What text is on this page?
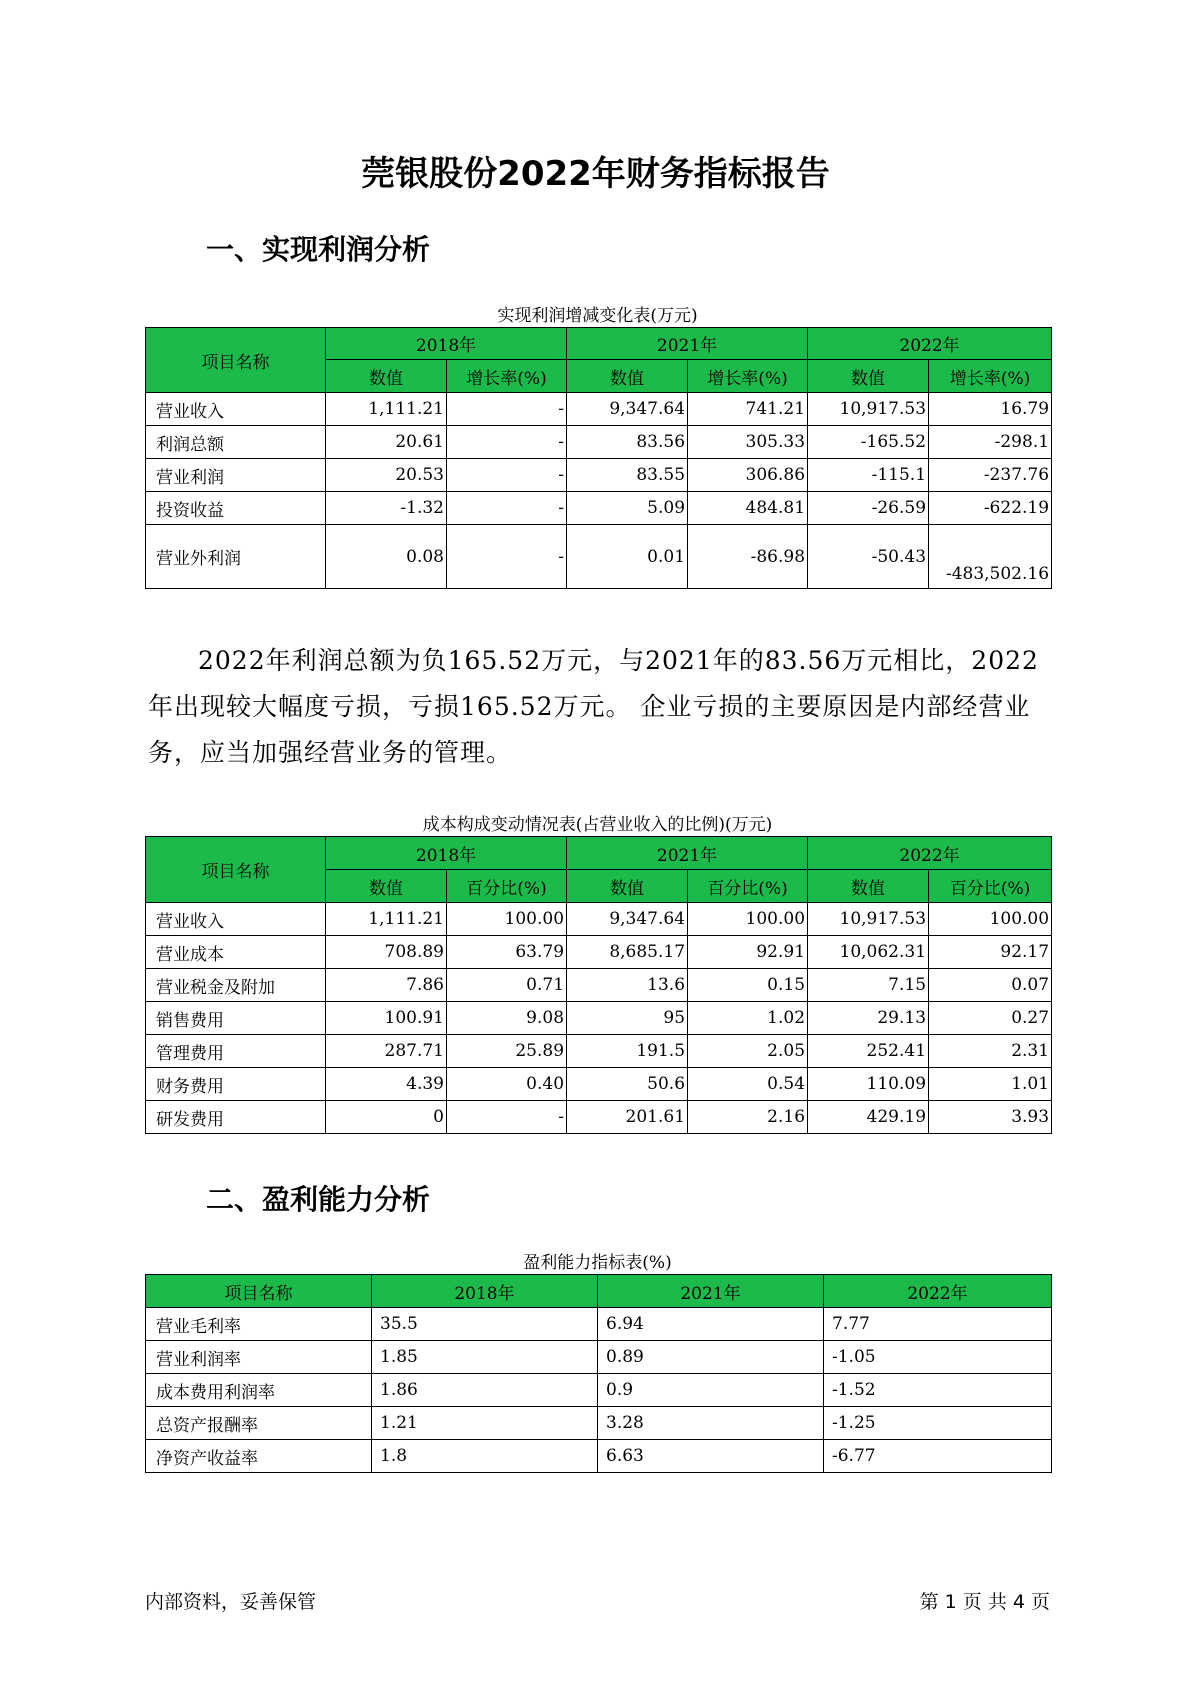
莞银股份2022年财务指标报告
一、实现利润分析
实现利润增减变化表(万元)
项目名称	2018年		2021年		2022年	
	数值	增长率(%)	数值	增长率(%)	数值	增长率(%)
营业收入	1,111.21	-	9,347.64	741.21	10,917.53	16.79
利润总额	20.61	-	83.56	305.33	-165.52	-298.1
营业利润	20.53	-	83.55	306.86	-115.1	-237.76
投资收益	-1.32	-	5.09	484.81	-26.59	-622.19
营业外利润	0.08	-	0.01	-86.98	-50.43	-483,502.16

2022年利润总额为负165.52万元，与2021年的83.56万元相比，2022年出现较大幅度亏损，亏损165.52万元。 企业亏损的主要原因是内部经营业务，应当加强经营业务的管理。

成本构成变动情况表(占营业收入的比例)(万元)
项目名称	2018年		2021年		2022年	
	数值	百分比(%)	数值	百分比(%)	数值	百分比(%)
营业收入	1,111.21	100.00	9,347.64	100.00	10,917.53	100.00
营业成本	708.89	63.79	8,685.17	92.91	10,062.31	92.17
营业税金及附加	7.86	0.71	13.6	0.15	7.15	0.07
销售费用	100.91	9.08	95	1.02	29.13	0.27
管理费用	287.71	25.89	191.5	2.05	252.41	2.31
财务费用	4.39	0.40	50.6	0.54	110.09	1.01
研发费用	0	-	201.61	2.16	429.19	3.93
二、盈利能力分析
盈利能力指标表(%)
项目名称	2018年	2021年	2022年
营业毛利率	35.5	6.94	7.77
营业利润率	1.85	0.89	-1.05
成本费用利润率	1.86	0.9	-1.52
总资产报酬率	1.21	3.28	-1.25
净资产收益率	1.8	6.63	-6.77
内部资料，妥善保管	第 1 页 共 4 页
